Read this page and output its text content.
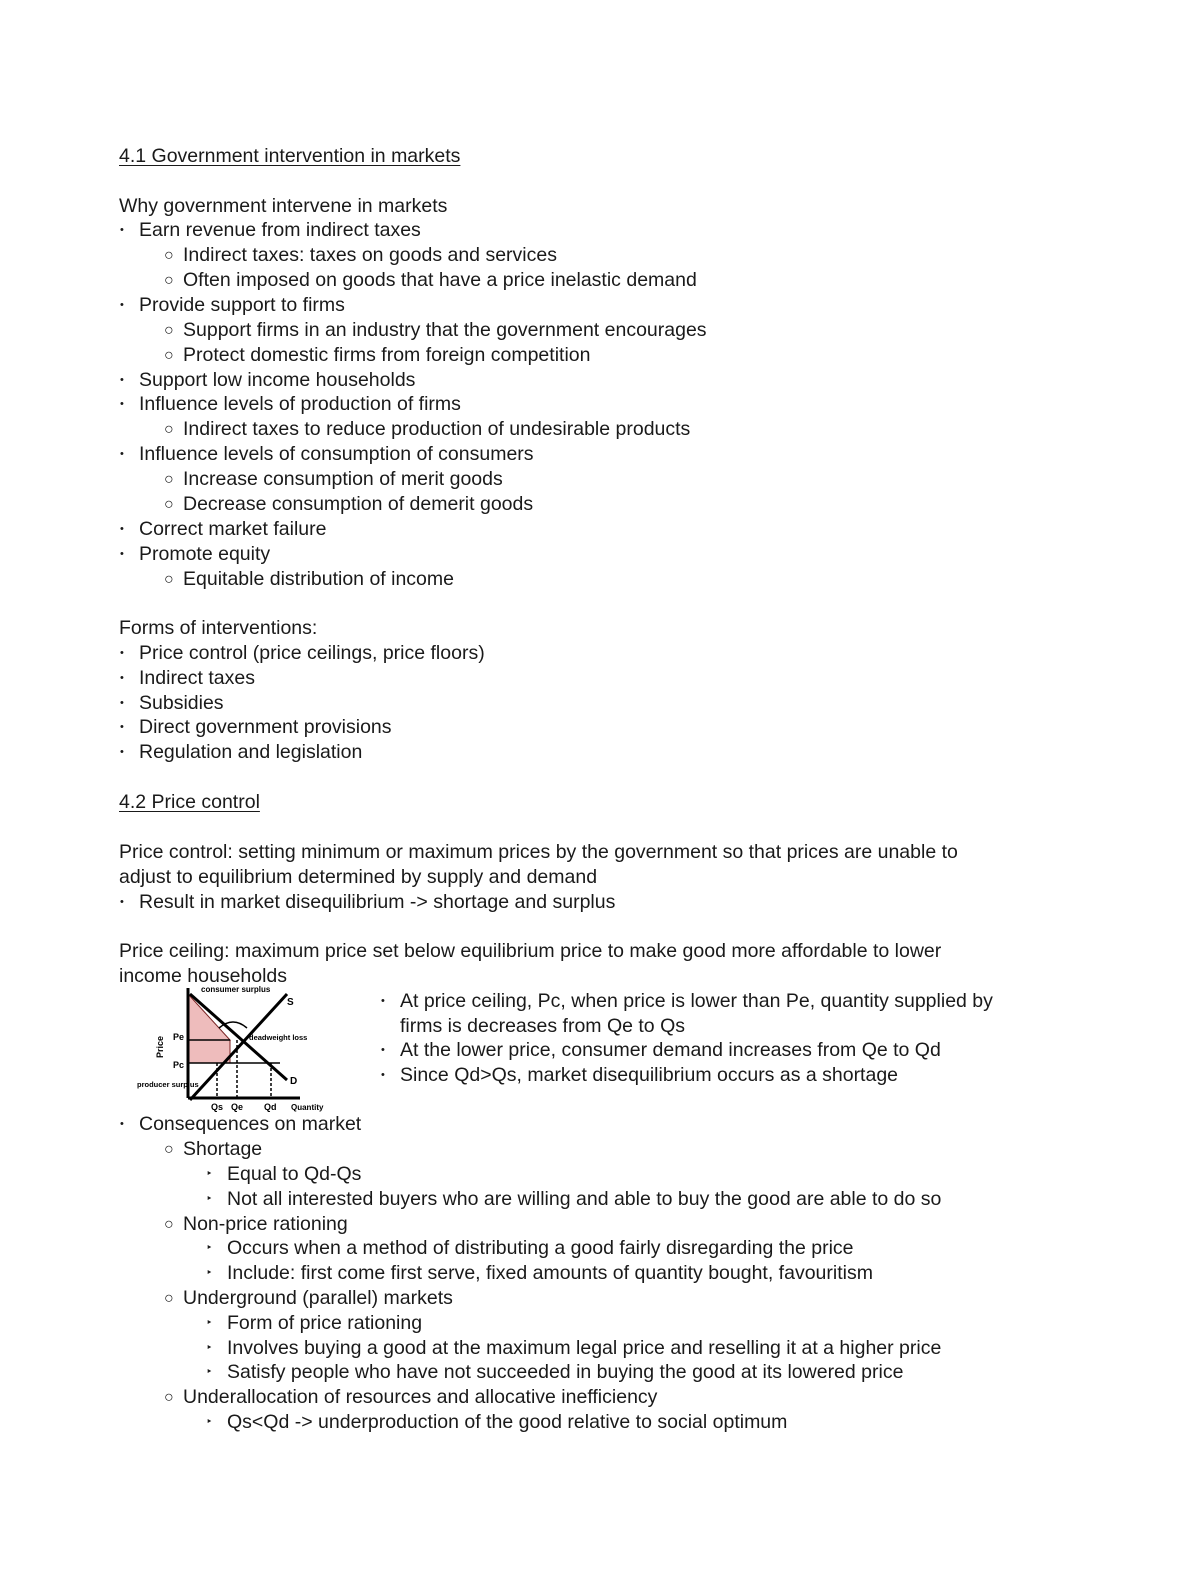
4.1 Government intervention in markets
Why government intervene in markets
• Earn revenue from indirect taxes
○ Indirect taxes: taxes on goods and services
○ Often imposed on goods that have a price inelastic demand
• Provide support to firms
○ Support firms in an industry that the government encourages
○ Protect domestic firms from foreign competition
• Support low income households
• Influence levels of production of firms
○ Indirect taxes to reduce production of undesirable products
• Influence levels of consumption of consumers
○ Increase consumption of merit goods
○ Decrease consumption of demerit goods
• Correct market failure
• Promote equity
○ Equitable distribution of income
Forms of interventions:
• Price control (price ceilings, price floors)
• Indirect taxes
• Subsidies
• Direct government provisions
• Regulation and legislation
4.2 Price control
Price control: setting minimum or maximum prices by the government so that prices are unable to
adjust to equilibrium determined by supply and demand
• Result in market disequilibrium -> shortage and surplus
Price ceiling: maximum price set below equilibrium price to make good more affordable to lower
income households
consumer surplus
S
D
deadweight loss
Pe
Pc
Price
producer surplus
Qs Qe Qd Quantity
• At price ceiling, Pc, when price is lower than Pe, quantity supplied by
firms is decreases from Qe to Qs
• At the lower price, consumer demand increases from Qe to Qd
• Since Qd>Qs, market disequilibrium occurs as a shortage
• Consequences on market
○ Shortage
‣ Equal to Qd-Qs
‣ Not all interested buyers who are willing and able to buy the good are able to do so
○ Non-price rationing
‣ Occurs when a method of distributing a good fairly disregarding the price
‣ Include: first come first serve, fixed amounts of quantity bought, favouritism
○ Underground (parallel) markets
‣ Form of price rationing
‣ Involves buying a good at the maximum legal price and reselling it at a higher price
‣ Satisfy people who have not succeeded in buying the good at its lowered price
○ Underallocation of resources and allocative inefficiency
‣ Qs<Qd -> underproduction of the good relative to social optimum
